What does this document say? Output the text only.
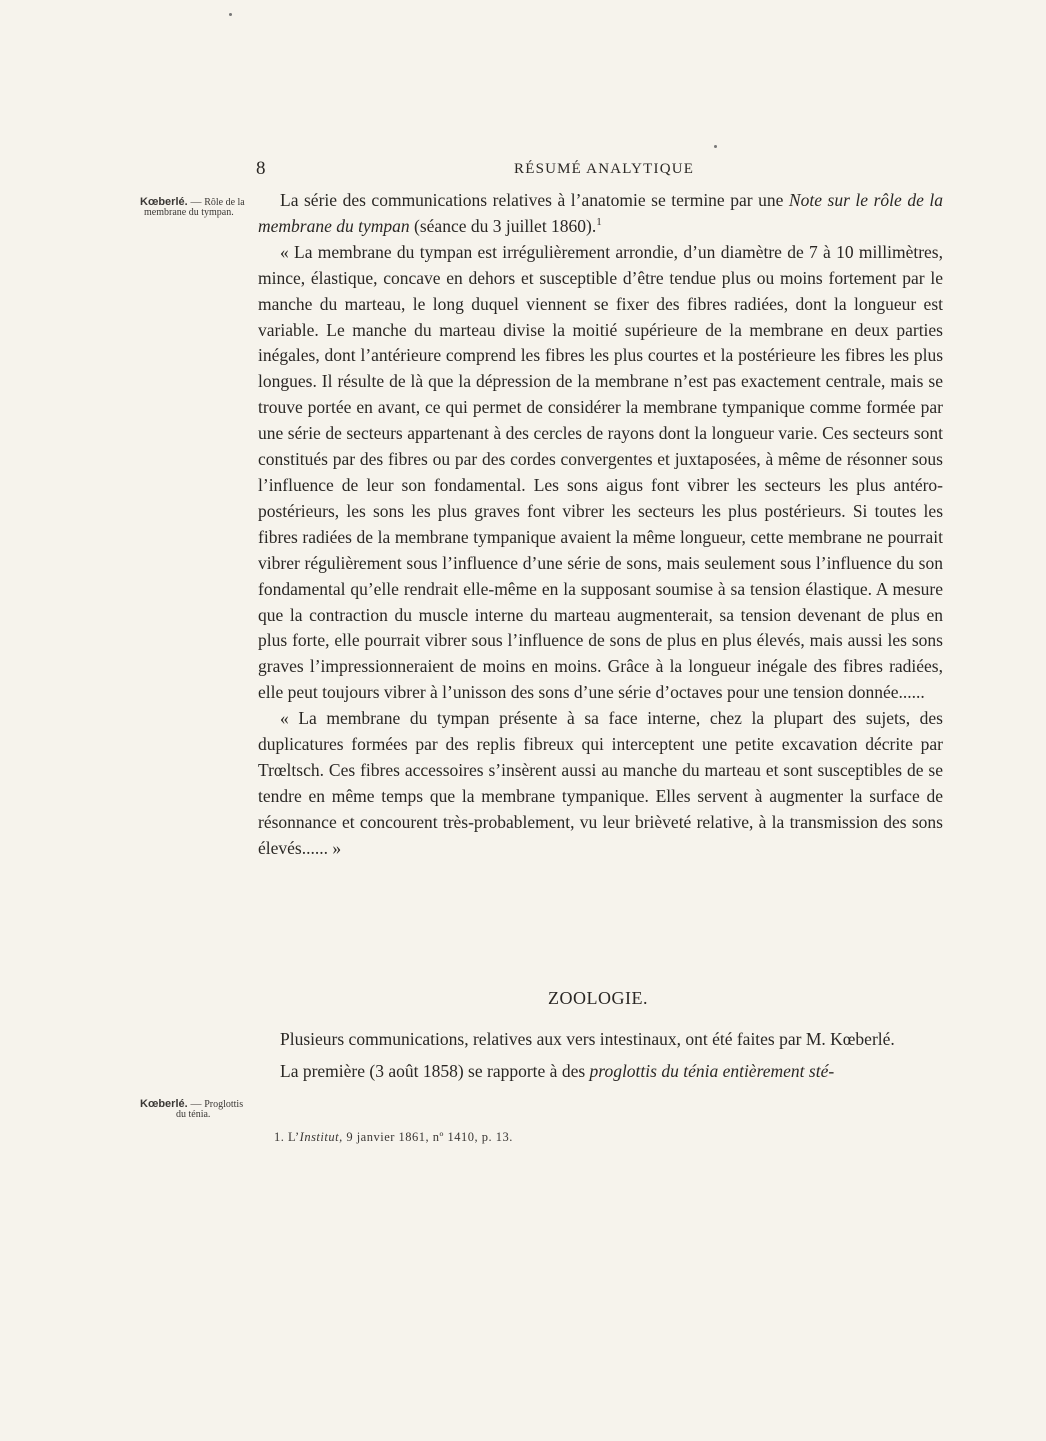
8	RÉSUMÉ ANALYTIQUE
Kœberlé. — Rôle de la
membrane du tympan.
Kœberlé. — Proglottis
du ténia.

La série des communications relatives à l’anatomie se termine par une Note sur le rôle de la membrane du tympan (séance du 3 juillet 1860).$^1$

« La membrane du tympan est irrégulièrement arrondie, d’un diamètre de 7 à 10 millimètres, mince, élastique, concave en dehors et susceptible d’être tendue plus ou moins fortement par le manche du marteau, le long duquel viennent se fixer des fibres radiées, dont la longueur est variable. Le manche du marteau divise la moitié supérieure de la membrane en deux parties inégales, dont l’antérieure comprend les fibres les plus courtes et la postérieure les fibres les plus longues. Il résulte de là que la dépression de la membrane n’est pas exactement centrale, mais se trouve portée en avant, ce qui permet de considérer la membrane tympanique comme formée par une série de secteurs appartenant à des cercles de rayons dont la longueur varie. Ces secteurs sont constitués par des fibres ou par des cordes convergentes et juxtaposées, à même de résonner sous l’influence de leur son fondamental. Les sons aigus font vibrer les secteurs les plus antéro-postérieurs, les sons les plus graves font vibrer les secteurs les plus postérieurs. Si toutes les fibres radiées de la membrane tympanique avaient la même longueur, cette membrane ne pourrait vibrer régulièrement sous l’influence d’une série de sons, mais seulement sous l’influence du son fondamental qu’elle rendrait elle-même en la supposant soumise à sa tension élastique. A mesure que la contraction du muscle interne du marteau augmenterait, sa tension devenant de plus en plus forte, elle pourrait vibrer sous l’influence de sons de plus en plus élevés, mais aussi les sons graves l’impressionneraient de moins en moins. Grâce à la longueur inégale des fibres radiées, elle peut toujours vibrer à l’unisson des sons d’une série d’octaves pour une tension donnée......

« La membrane du tympan présente à sa face interne, chez la plupart des sujets, des duplicatures formées par des replis fibreux qui interceptent une petite excavation décrite par Trœltsch. Ces fibres accessoires s’insèrent aussi au manche du marteau et sont susceptibles de se tendre en même temps que la membrane tympanique. Elles servent à augmenter la surface de résonnance et concourent très-probablement, vu leur brièveté relative, à la transmission des sons élevés...... »

ZOOLOGIE.

Plusieurs communications, relatives aux vers intestinaux, ont été faites par M. Kœberlé.

La première (3 août 1858) se rapporte à des proglottis du ténia entièrement sté-

1. L’Institut, 9 janvier 1861, nº 1410, p. 13.
